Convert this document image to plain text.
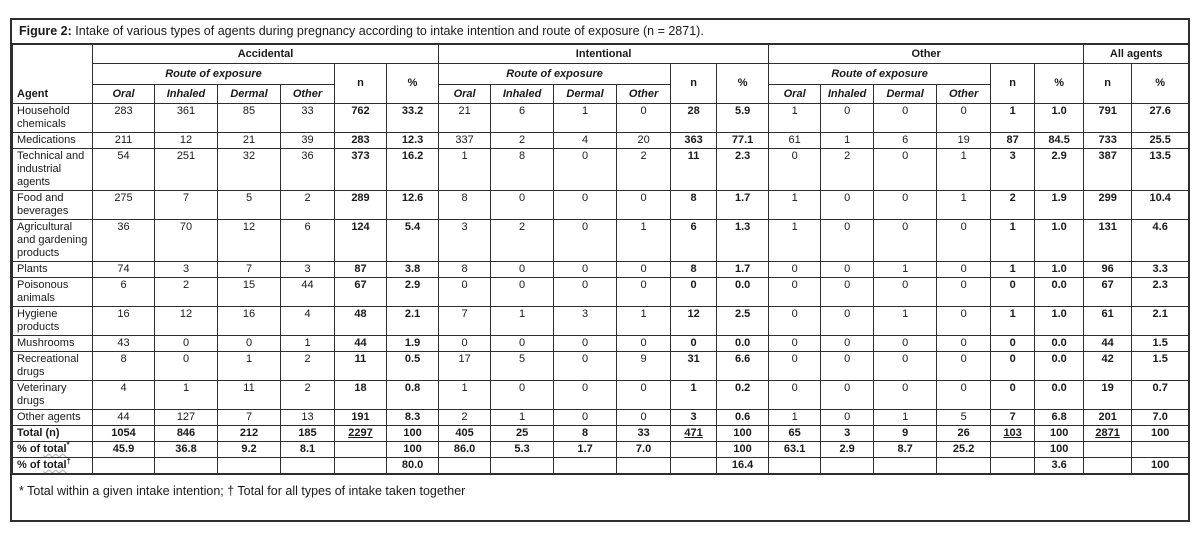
Figure 2: Intake of various types of agents during pregnancy according to intake intention and route of exposure (n = 2871).
Agent	Accidental						Intentional						Other						All agents	
	Route of exposure				n	%	Route of exposure				n	%	Route of exposure				n	%	n	%
	Oral	Inhaled	Dermal	Other			Oral	Inhaled	Dermal	Other			Oral	Inhaled	Dermal	Other				
Household chemicals	283	361	85	33	762	33.2	21	6	1	0	28	5.9	1	0	0	0	1	1.0	791	27.6
Medications	211	12	21	39	283	12.3	337	2	4	20	363	77.1	61	1	6	19	87	84.5	733	25.5
Technical and industrial agents	54	251	32	36	373	16.2	1	8	0	2	11	2.3	0	2	0	1	3	2.9	387	13.5
Food and beverages	275	7	5	2	289	12.6	8	0	0	0	8	1.7	1	0	0	1	2	1.9	299	10.4
Agricultural and gardening products	36	70	12	6	124	5.4	3	2	0	1	6	1.3	1	0	0	0	1	1.0	131	4.6
Plants	74	3	7	3	87	3.8	8	0	0	0	8	1.7	0	0	1	0	1	1.0	96	3.3
Poisonous animals	6	2	15	44	67	2.9	0	0	0	0	0	0.0	0	0	0	0	0	0.0	67	2.3
Hygiene products	16	12	16	4	48	2.1	7	1	3	1	12	2.5	0	0	1	0	1	1.0	61	2.1
Mushrooms	43	0	0	1	44	1.9	0	0	0	0	0	0.0	0	0	0	0	0	0.0	44	1.5
Recreational drugs	8	0	1	2	11	0.5	17	5	0	9	31	6.6	0	0	0	0	0	0.0	42	1.5
Veterinary drugs	4	1	11	2	18	0.8	1	0	0	0	1	0.2	0	0	0	0	0	0.0	19	0.7
Other agents	44	127	7	13	191	8.3	2	1	0	0	3	0.6	1	0	1	5	7	6.8	201	7.0
Total (n)	1054	846	212	185	2297	100	405	25	8	33	471	100	65	3	9	26	103	100	2871	100
% of total*	45.9	36.8	9.2	8.1		100	86.0	5.3	1.7	7.0		100	63.1	2.9	8.7	25.2		100		
% of total†						80.0						16.4						3.6		100
* Total within a given intake intention; † Total for all types of intake taken together
